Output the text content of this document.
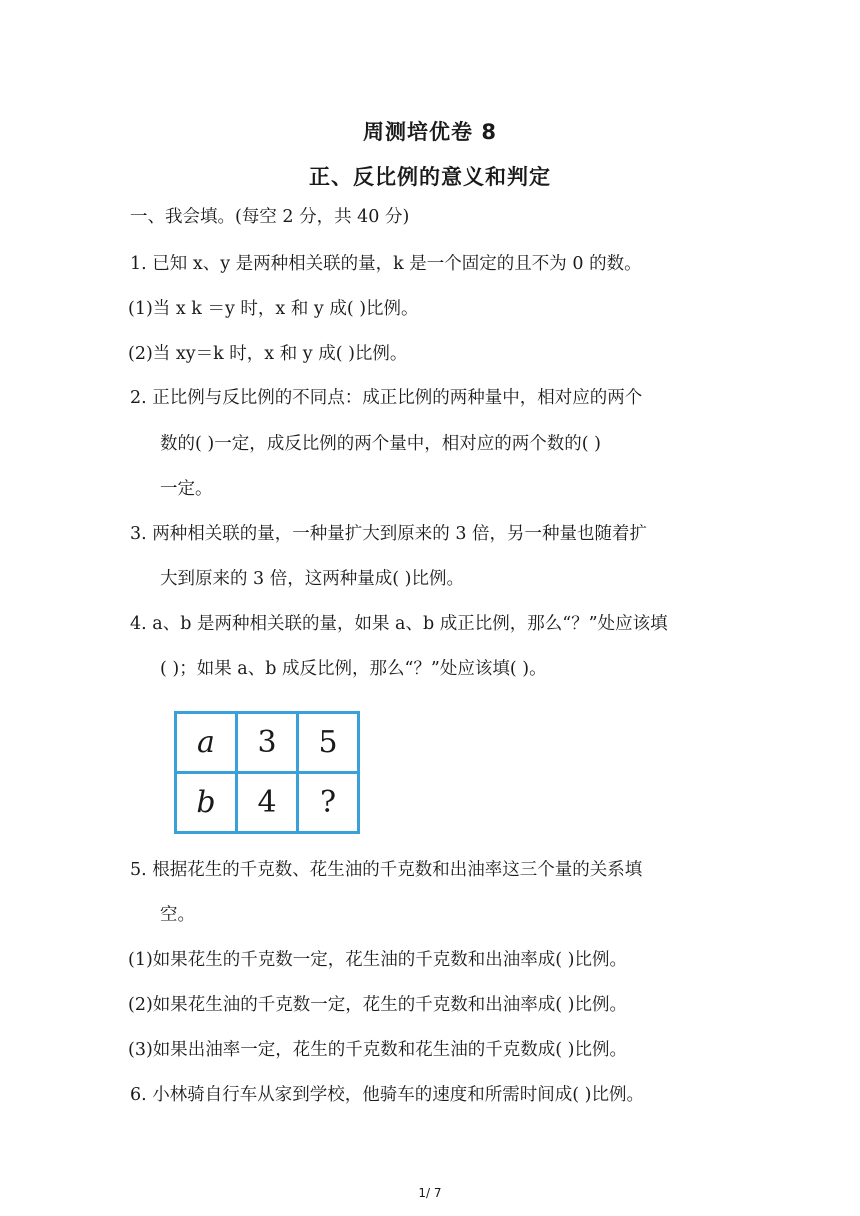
周测培优卷 8
正、反比例的意义和判定
一、我会填。(每空 2 分，共 40 分)
1. 已知 x、y 是两种相关联的量，k 是一个固定的且不为 0 的数。
(1)当 x k ＝y 时，x 和 y 成( )比例。
(2)当 xy＝k 时，x 和 y 成( )比例。
2. 正比例与反比例的不同点：成正比例的两种量中，相对应的两个
数的( )一定，成反比例的两个量中，相对应的两个数的( )
一定。
3. 两种相关联的量，一种量扩大到原来的 3 倍，另一种量也随着扩
大到原来的 3 倍，这两种量成( )比例。
4. a、b 是两种相关联的量，如果 a、b 成正比例，那么“？”处应该填
( )；如果 a、b 成反比例，那么“？”处应该填( )。
a	3	5
b	4	?
5. 根据花生的千克数、花生油的千克数和出油率这三个量的关系填
空。
(1)如果花生的千克数一定，花生油的千克数和出油率成( )比例。
(2)如果花生油的千克数一定，花生的千克数和出油率成( )比例。
(3)如果出油率一定，花生的千克数和花生油的千克数成( )比例。
6. 小林骑自行车从家到学校，他骑车的速度和所需时间成( )比例。
1/ 7
